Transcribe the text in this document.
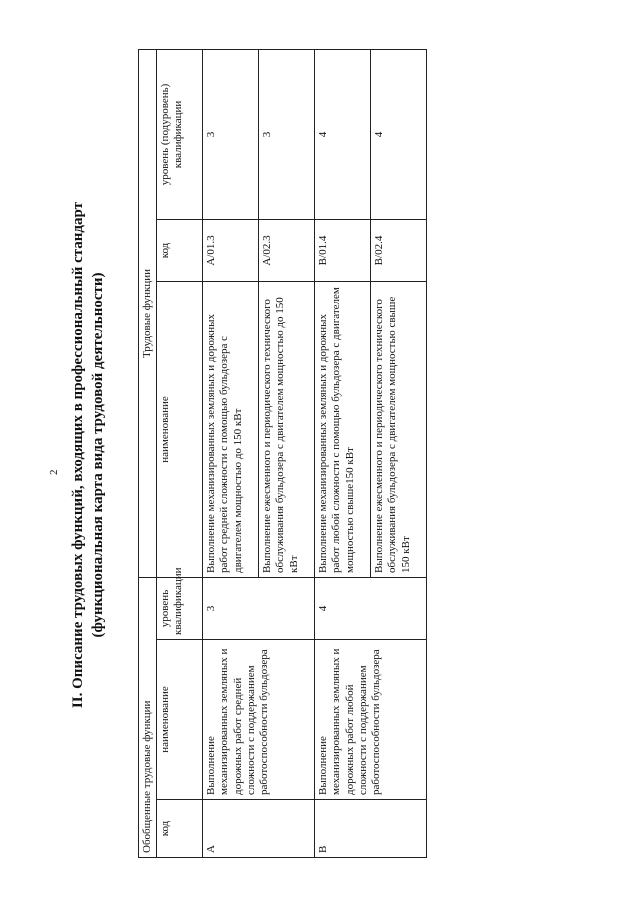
2 II. Описание трудовых функций, входящих в профессиональный стандарт (функциональная карта вида трудовой деятельности)
Обобщенные трудовые функции			Трудовые функции		
код	наименование	уровень квалификации	наименование	код	уровень (подуровень) квалификации
A	Выполнение механизированных земляных и дорожных работ средней сложности с поддержанием работоспособности бульдозера	3	Выполнение механизированных земляных и дорожных работ средней сложности с помощью бульдозера с двигателем мощностью до 150 кВт	A/01.3	3
			Выполнение ежесменного и периодического технического обслуживания бульдозера с двигателем мощностью до 150 кВт	A/02.3	3
B	Выполнение механизированных земляных и дорожных работ любой сложности с поддержанием работоспособности бульдозера	4	Выполнение механизированных земляных и дорожных работ любой сложности с помощью бульдозера с двигателем мощностью свыше150 кВт	B/01.4	4
			Выполнение ежесменного и периодического технического обслуживания бульдозера с двигателем мощностью свыше 150 кВт	B/02.4	4
